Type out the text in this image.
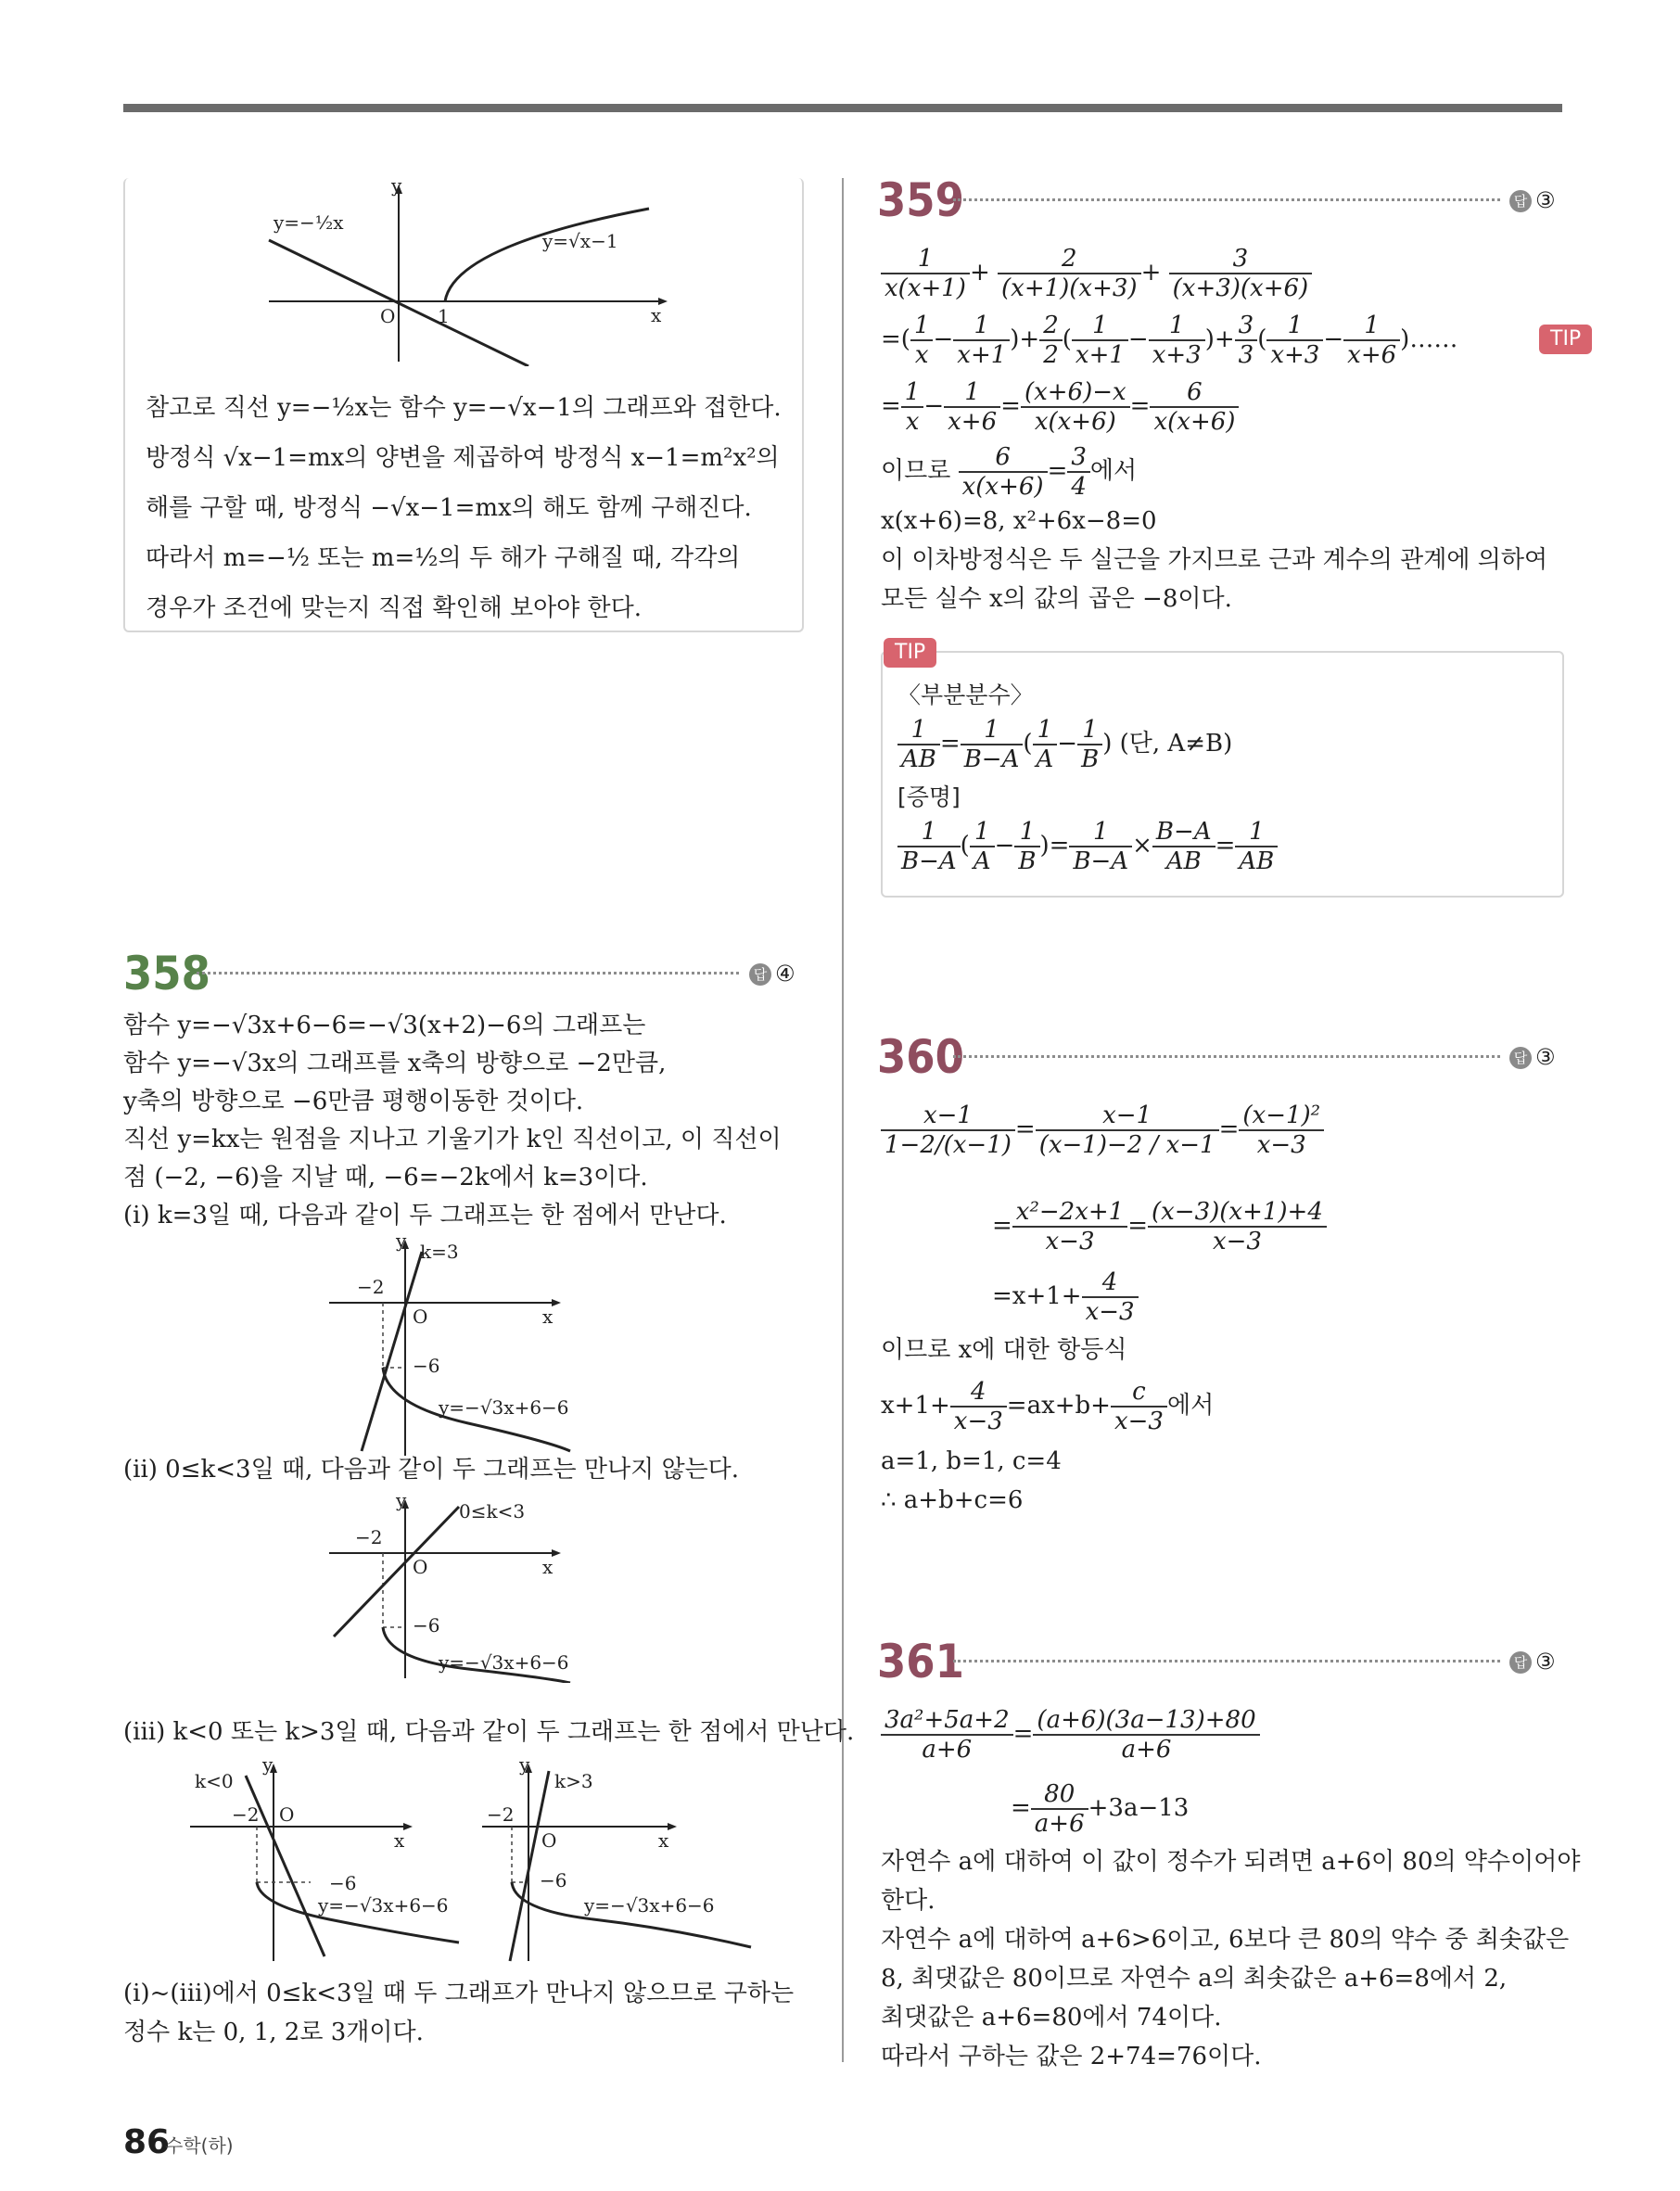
y
x
O 1
y=−½x
y=√x−1
참고로 직선 y=−½x는 함수 y=−√x−1의 그래프와 접한다.
방정식 √x−1=mx의 양변을 제곱하여 방정식 x−1=m²x²의
해를 구할 때, 방정식 −√x−1=mx의 해도 함께 구해진다.
따라서 m=−½ 또는 m=½의 두 해가 구해질 때, 각각의
경우가 조건에 맞는지 직접 확인해 보아야 한다.
358	답 ④
함수 y=−√3x+6−6=−√3(x+2)−6의 그래프는
함수 y=−√3x의 그래프를 x축의 방향으로 −2만큼,
y축의 방향으로 −6만큼 평행이동한 것이다.
직선 y=kx는 원점을 지나고 기울기가 k인 직선이고, 이 직선이
점 (−2, −6)을 지날 때, −6=−2k에서 k=3이다.
(i) k=3일 때, 다음과 같이 두 그래프는 한 점에서 만난다.
y k=3
−2
O	x
−6
y=−√3x+6−6
(ii) 0≤k<3일 때, 다음과 같이 두 그래프는 만나지 않는다.
y	0≤k<3
−2
O	x
−6
y=−√3x+6−6
(iii) k<0 또는 k>3일 때, 다음과 같이 두 그래프는 한 점에서 만난다.
y
k<0
−2 O
x
−6
y=−√3x+6−6
y
k>3
−2
O	x
−6
y=−√3x+6−6
(i)~(iii)에서 0≤k<3일 때 두 그래프가 만나지 않으므로 구하는
정수 k는 0, 1, 2로 3개이다.
359	답 ③
$\frac{1}{x(x+1)} + \frac{2}{(x+1)(x+3)} + \frac{3}{(x+3)(x+6)}$
=( $\frac{1}{x} - \frac{1}{x+1}$ )+ $\frac{2}{2}$ ( $\frac{1}{x+1} - \frac{1}{x+3}$ )+ $\frac{3}{3}$ ( $\frac{1}{x+3} - \frac{1}{x+6}$ )……
= $\frac{1}{x} - \frac{1}{x+6} = \frac{(x+6)-x}{x(x+6)} = \frac{6}{x(x+6)}$
이므로 $\frac{6}{x(x+6)} = \frac{3}{4}$ 에서
x(x+6)=8, x²+6x−8=0
이 이차방정식은 두 실근을 가지므로 근과 계수의 관계에 의하여
모든 실수 x의 값의 곱은 −8이다.
TIP
TIP
〈부분분수〉
$\frac{1}{AB} = \frac{1}{B-A}$ ( $\frac{1}{A} - \frac{1}{B}$ ) (단, A≠B)
[증명]
$\frac{1}{B-A}$ ( $\frac{1}{A} - \frac{1}{B}$ )= $\frac{1}{B-A} \times \frac{B-A}{AB} = \frac{1}{AB}$
360	답 ③
$\frac{x-1}{1-2/(x-1)} = \frac{x-1}{(x-1)-2 / x-1} = \frac{\text{(x−1)²}}{x-3}$
= $\frac{\text{x²−2x+1}}{x-3} = \frac{(x-3)(x+1)+4}{x-3}$
$=x+1+ \frac{4}{x-3}$
이므로 x에 대한 항등식
$x+1+ \frac{4}{x-3} =ax+b+ \frac{c}{x-3}$ 에서
a=1, b=1, c=4
∴ a+b+c=6
361	답 ③
$\frac{\text{3a²+5a+2}}{a+6} = \frac{(a+6)(3a-13)+80}{a+6}$
= $\frac{80}{a+6} +3a-13$
자연수 a에 대하여 이 값이 정수가 되려면 a+6이 80의 약수이어야
한다.
자연수 a에 대하여 a+6>6이고, 6보다 큰 80의 약수 중 최솟값은
8, 최댓값은 80이므로 자연수 a의 최솟값은 a+6=8에서 2,
최댓값은 a+6=80에서 74이다.
따라서 구하는 값은 2+74=76이다.
86
수학(하)
